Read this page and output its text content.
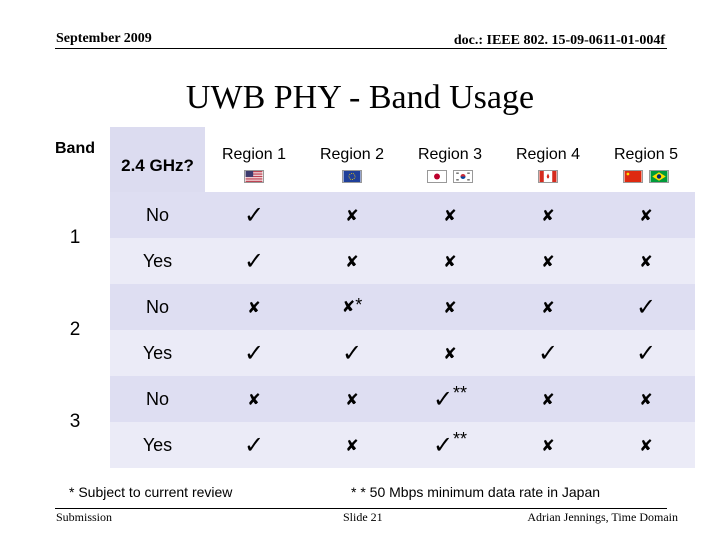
September 2009	doc.: IEEE 802. 15-09-0611-01-004f
UWB PHY - Band Usage
Band	2.4 GHz?	Region 1	Region 2	Region 3	Region 4	Region 5

1	No	✓	✘	✘	✘	✘
	Yes	✓	✘	✘	✘	✘
2	No	✘	✘*	✘	✘	✓
	Yes	✓	✓	✘	✓	✓
3	No	✘	✘	✓**	✘	✘
	Yes	✓	✘	✓**	✘	✘
* Subject to current review	* * 50 Mbps minimum data rate in Japan
Submission	Slide 21	Adrian Jennings, Time Domain
